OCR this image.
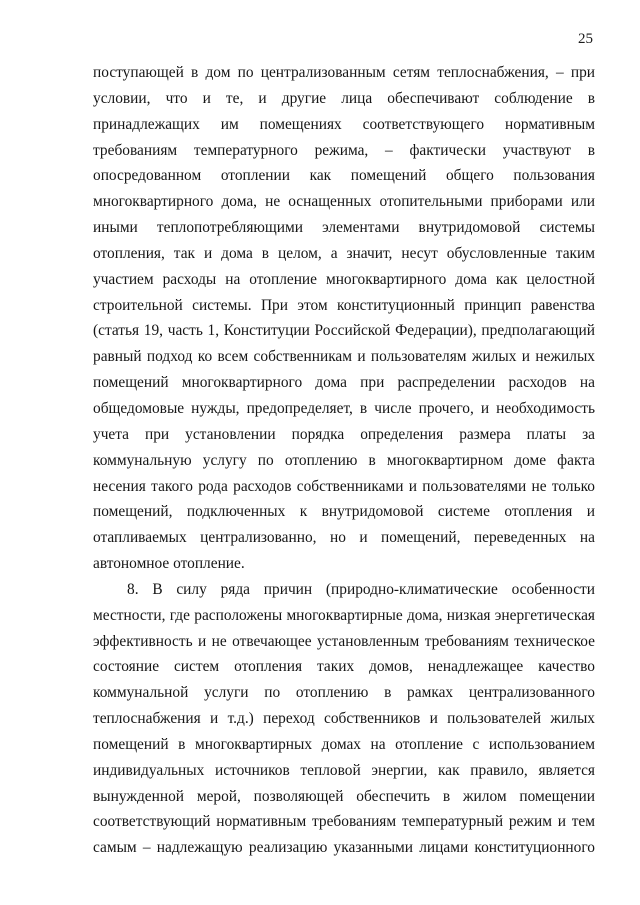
25
поступающей в дом по централизованным сетям теплоснабжения, – при
условии, что и те, и другие лица обеспечивают соблюдение в
принадлежащих им помещениях соответствующего нормативным
требованиям температурного режима, – фактически участвуют в
опосредованном отоплении как помещений общего пользования
многоквартирного дома, не оснащенных отопительными приборами или
иными теплопотребляющими элементами внутридомовой системы
отопления, так и дома в целом, а значит, несут обусловленные таким
участием расходы на отопление многоквартирного дома как целостной
строительной системы. При этом конституционный принцип равенства
(статья 19, часть 1, Конституции Российской Федерации), предполагающий
равный подход ко всем собственникам и пользователям жилых и нежилых
помещений многоквартирного дома при распределении расходов на
общедомовые нужды, предопределяет, в числе прочего, и необходимость
учета при установлении порядка определения размера платы за
коммунальную услугу по отоплению в многоквартирном доме факта
несения такого рода расходов собственниками и пользователями не только
помещений, подключенных к внутридомовой системе отопления и
отапливаемых централизованно, но и помещений, переведенных на
автономное отопление.
8. В силу ряда причин (природно-климатические особенности
местности, где расположены многоквартирные дома, низкая энергетическая
эффективность и не отвечающее установленным требованиям техническое
состояние систем отопления таких домов, ненадлежащее качество
коммунальной услуги по отоплению в рамках централизованного
теплоснабжения и т.д.) переход собственников и пользователей жилых
помещений в многоквартирных домах на отопление с использованием
индивидуальных источников тепловой энергии, как правило, является
вынужденной мерой, позволяющей обеспечить в жилом помещении
соответствующий нормативным требованиям температурный режим и тем
самым – надлежащую реализацию указанными лицами конституционного
